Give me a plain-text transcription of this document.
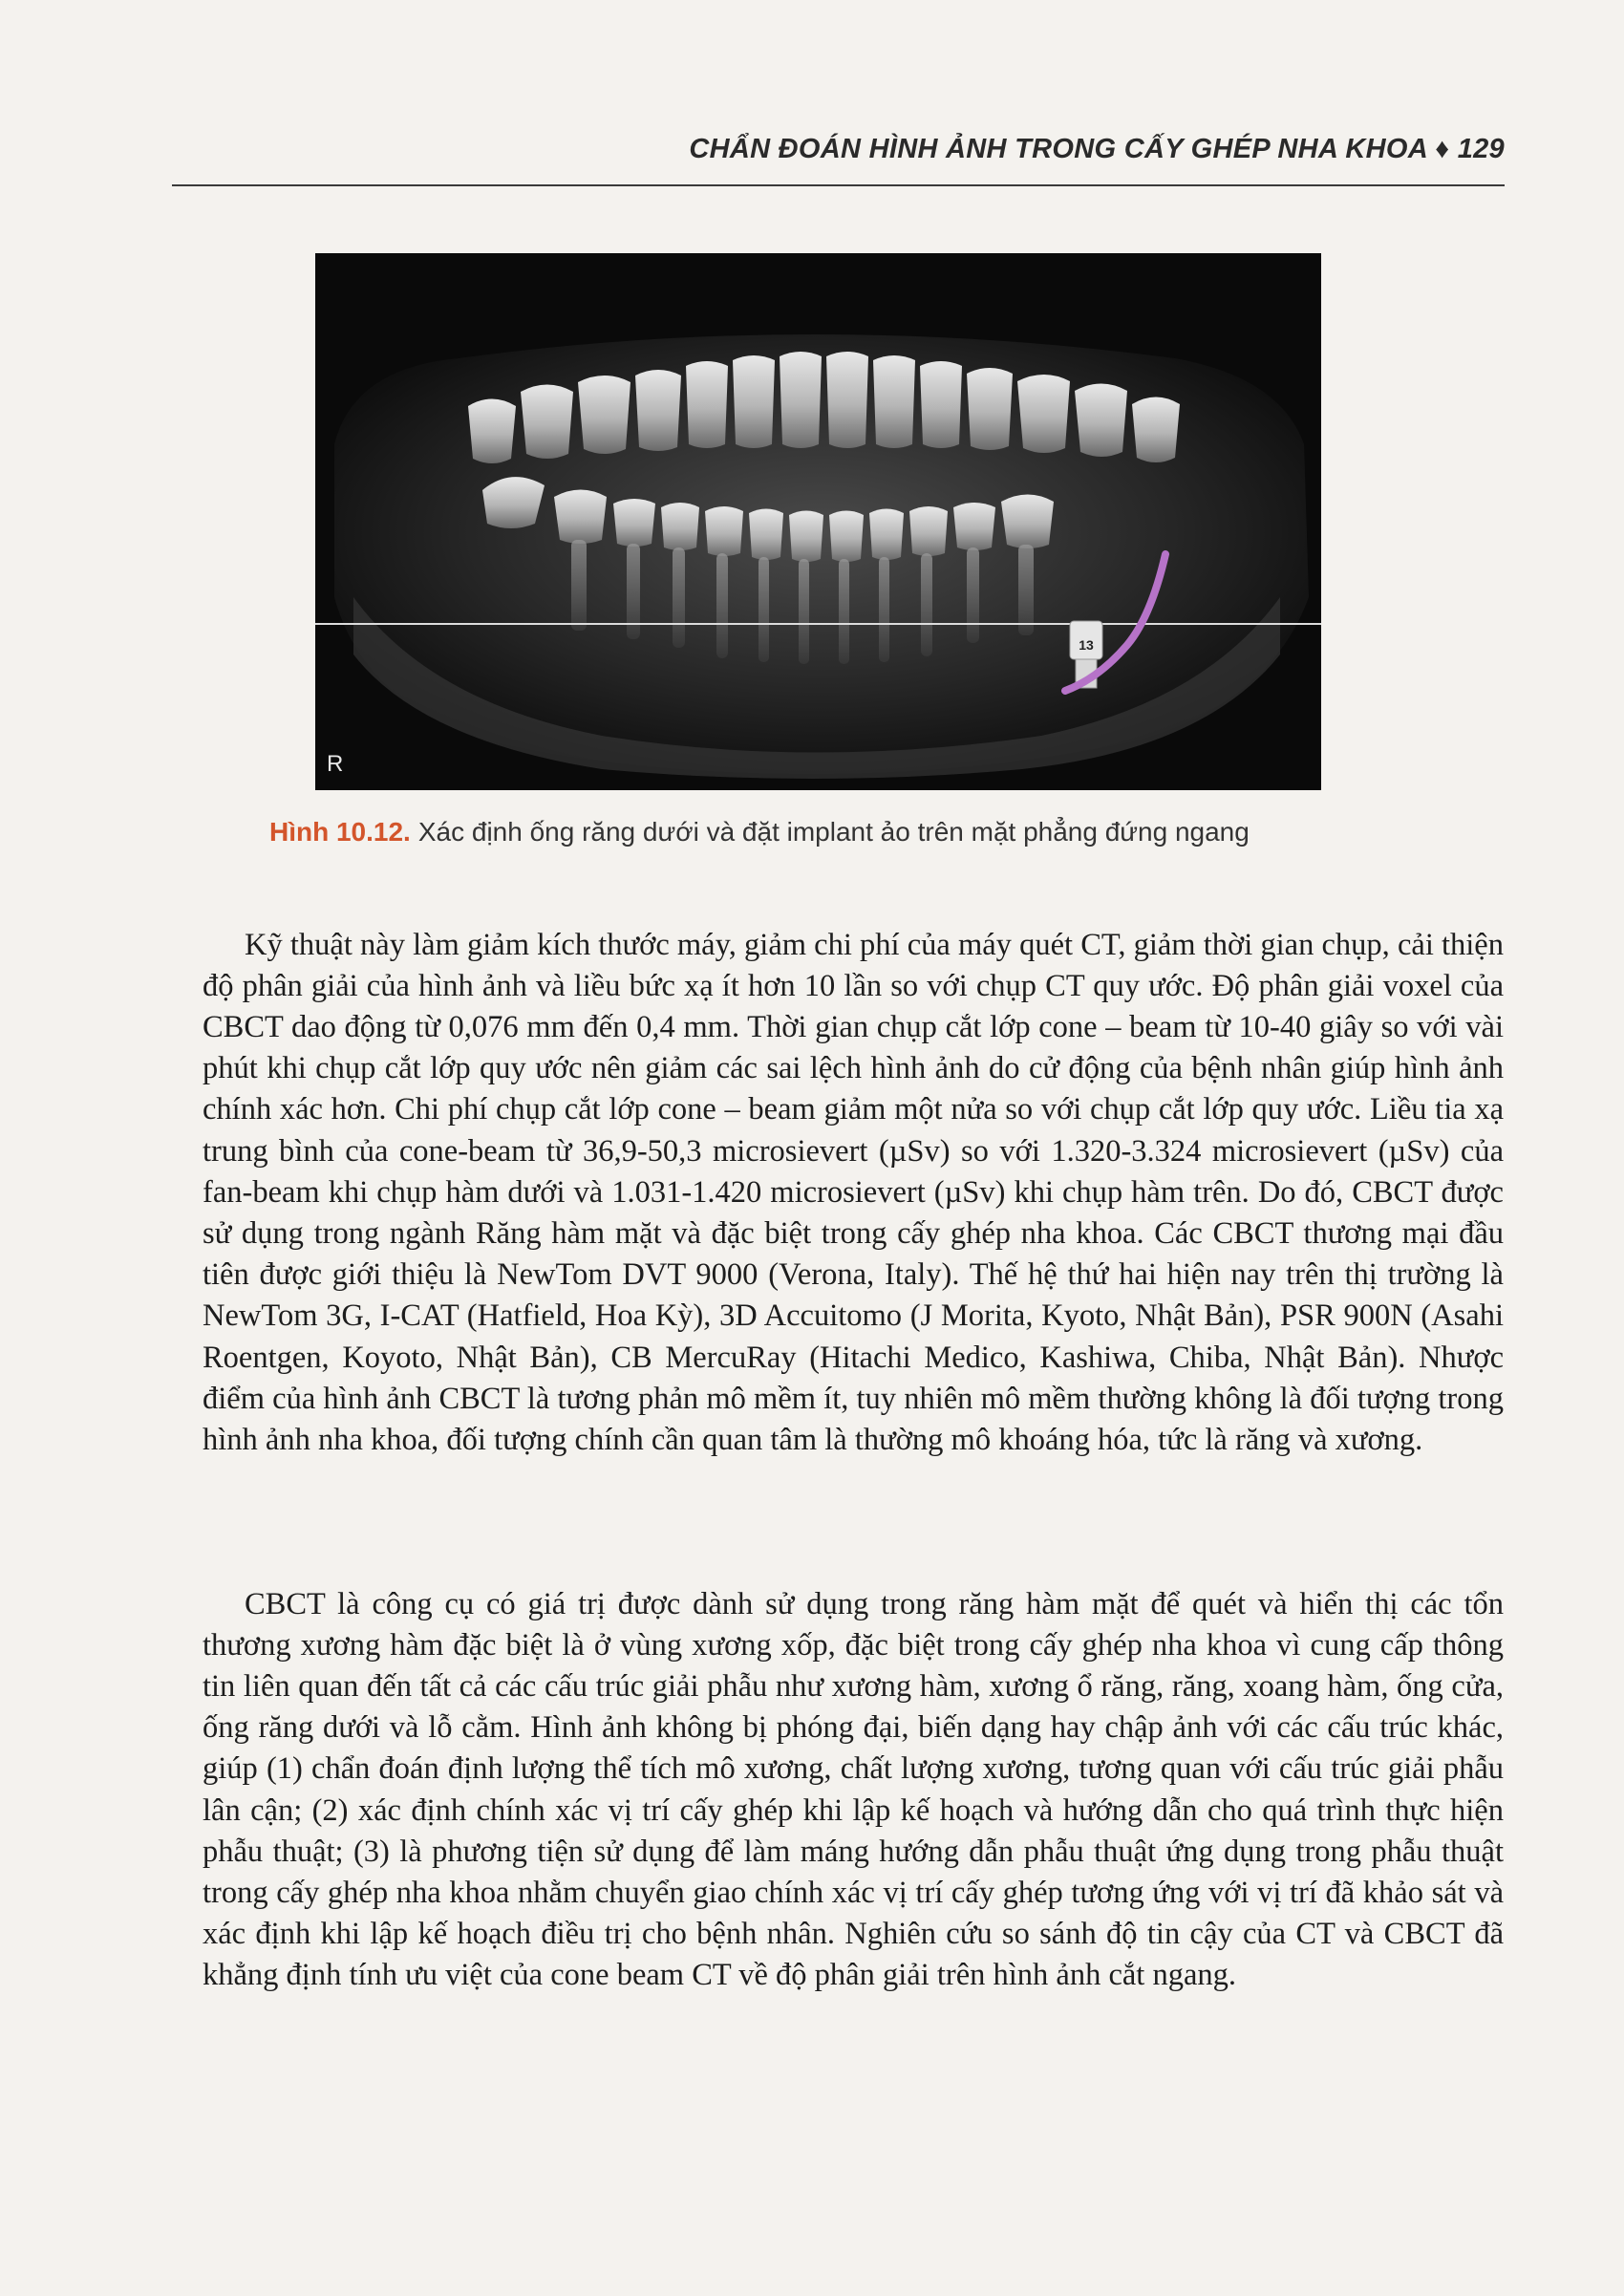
CHẨN ĐOÁN HÌNH ẢNH TRONG CẤY GHÉP NHA KHOA ♦ 129
13
R
Hình 10.12. Xác định ống răng dưới và đặt implant ảo trên mặt phẳng đứng ngang

Kỹ thuật này làm giảm kích thước máy, giảm chi phí của máy quét CT, giảm thời gian chụp, cải thiện độ phân giải của hình ảnh và liều bức xạ ít hơn 10 lần so với chụp CT quy ước. Độ phân giải voxel của CBCT dao động từ 0,076 mm đến 0,4 mm. Thời gian chụp cắt lớp cone – beam từ 10-40 giây so với vài phút khi chụp cắt lớp quy ước nên giảm các sai lệch hình ảnh do cử động của bệnh nhân giúp hình ảnh chính xác hơn. Chi phí chụp cắt lớp cone – beam giảm một nửa so với chụp cắt lớp quy ước. Liều tia xạ trung bình của cone-beam từ 36,9-50,3 microsievert (µSv) so với 1.320-3.324 microsievert (µSv) của fan-beam khi chụp hàm dưới và 1.031-1.420 microsievert (µSv) khi chụp hàm trên. Do đó, CBCT được sử dụng trong ngành Răng hàm mặt và đặc biệt trong cấy ghép nha khoa. Các CBCT thương mại đầu tiên được giới thiệu là NewTom DVT 9000 (Verona, Italy). Thế hệ thứ hai hiện nay trên thị trường là NewTom 3G, I-CAT (Hatfield, Hoa Kỳ), 3D Accuitomo (J Morita, Kyoto, Nhật Bản), PSR 900N (Asahi Roentgen, Koyoto, Nhật Bản), CB MercuRay (Hitachi Medico, Kashiwa, Chiba, Nhật Bản). Nhược điểm của hình ảnh CBCT là tương phản mô mềm ít, tuy nhiên mô mềm thường không là đối tượng trong hình ảnh nha khoa, đối tượng chính cần quan tâm là thường mô khoáng hóa, tức là răng và xương.

CBCT là công cụ có giá trị được dành sử dụng trong răng hàm mặt để quét và hiển thị các tổn thương xương hàm đặc biệt là ở vùng xương xốp, đặc biệt trong cấy ghép nha khoa vì cung cấp thông tin liên quan đến tất cả các cấu trúc giải phẫu như xương hàm, xương ổ răng, răng, xoang hàm, ống cửa, ống răng dưới và lỗ cằm. Hình ảnh không bị phóng đại, biến dạng hay chập ảnh với các cấu trúc khác, giúp (1) chẩn đoán định lượng thể tích mô xương, chất lượng xương, tương quan với cấu trúc giải phẫu lân cận; (2) xác định chính xác vị trí cấy ghép khi lập kế hoạch và hướng dẫn cho quá trình thực hiện phẫu thuật; (3) là phương tiện sử dụng để làm máng hướng dẫn phẫu thuật ứng dụng trong phẫu thuật trong cấy ghép nha khoa nhằm chuyển giao chính xác vị trí cấy ghép tương ứng với vị trí đã khảo sát và xác định khi lập kế hoạch điều trị cho bệnh nhân. Nghiên cứu so sánh độ tin cậy của CT và CBCT đã khẳng định tính ưu việt của cone beam CT về độ phân giải trên hình ảnh cắt ngang.
